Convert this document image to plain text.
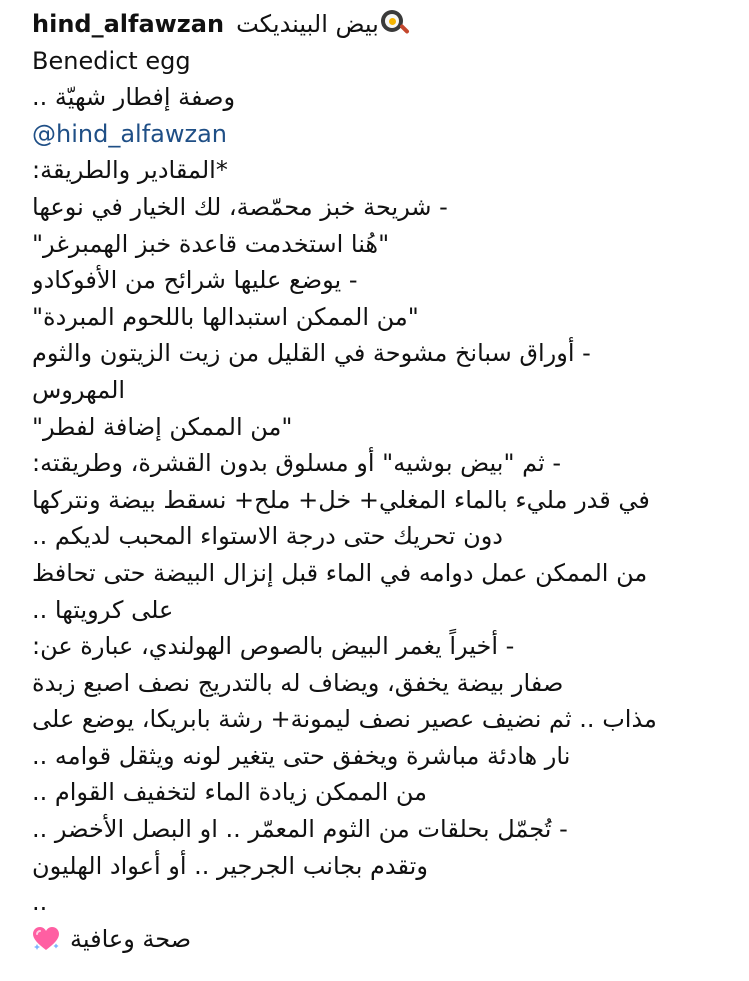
hind_alfawzan بيض البينديكت
Benedict egg
وصفة إفطار شهيّة ..
@hind_alfawzan
*المقادير والطريقة:
- شريحة خبز محمّصة، لك الخيار في نوعها
"هُنا استخدمت قاعدة خبز الهمبرغر"
- يوضع عليها شرائح من الأفوكادو
"من الممكن استبدالها باللحوم المبردة"
- أوراق سبانخ مشوحة في القليل من زيت الزيتون والثوم
المهروس
"من الممكن إضافة لفطر"
- ثم "بيض بوشيه" أو مسلوق بدون القشرة، وطريقته:
في قدر مليء بالماء المغلي+ خل+ ملح+ نسقط بيضة ونتركها
دون تحريك حتى درجة الاستواء المحبب لديكم ..
من الممكن عمل دوامه في الماء قبل إنزال البيضة حتى تحافظ
على كرويتها ..
- أخيراً يغمر البيض بالصوص الهولندي، عبارة عن:
صفار بيضة يخفق، ويضاف له بالتدريج نصف اصبع زبدة
مذاب .. ثم نضيف عصير نصف ليمونة+ رشة بابريكا، يوضع على
نار هادئة مباشرة ويخفق حتى يتغير لونه ويثقل قوامه ..
من الممكن زيادة الماء لتخفيف القوام ..
- تُجمّل بحلقات من الثوم المعمّر .. او البصل الأخضر ..
وتقدم بجانب الجرجير .. أو أعواد الهليون
..
صحة وعافية
